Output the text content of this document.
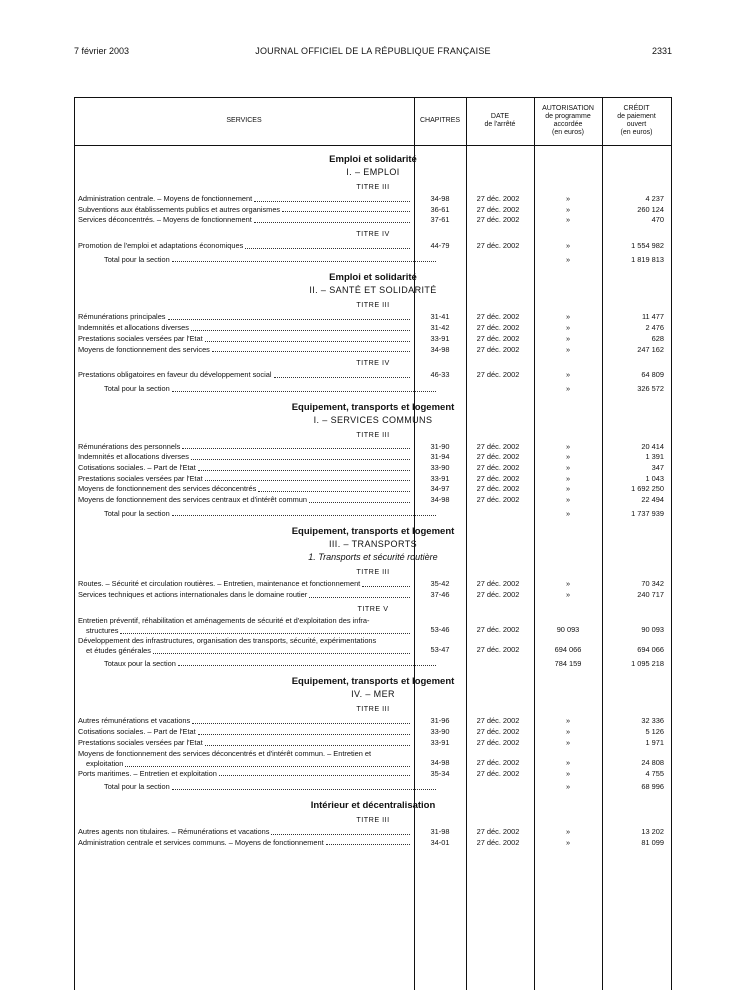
7 février 2003	JOURNAL OFFICIEL DE LA RÉPUBLIQUE FRANÇAISE	2331
SERVICES	CHAPITRES
DATE
de l'arrêté
AUTORISATION
de programme
accordée
(en euros)
CRÉDIT
de paiement
ouvert
(en euros)
Emploi et solidarité
I. – EMPLOI
TITRE III
Administration centrale. – Moyens de fonctionnement	34-98	27 déc. 2002	»	4 237
Subventions aux établissements publics et autres organismes	36-61	27 déc. 2002	»	260 124
Services déconcentrés. – Moyens de fonctionnement	37-61	27 déc. 2002	»	470
TITRE IV
Promotion de l'emploi et adaptations économiques	44-79	27 déc. 2002	»	1 554 982
Total pour la section	»	1 819 813
Emploi et solidarité
II. – SANTÉ ET SOLIDARITÉ
TITRE III
Rémunérations principales	31-41	27 déc. 2002	»	11 477
Indemnités et allocations diverses	31-42	27 déc. 2002	»	2 476
Prestations sociales versées par l'Etat	33-91	27 déc. 2002	»	628
Moyens de fonctionnement des services	34-98	27 déc. 2002	»	247 162
TITRE IV
Prestations obligatoires en faveur du développement social	46-33	27 déc. 2002	»	64 809
Total pour la section	»	326 572
Equipement, transports et logement
I. – SERVICES COMMUNS
TITRE III
Rémunérations des personnels	31-90	27 déc. 2002	»	20 414
Indemnités et allocations diverses	31-94	27 déc. 2002	»	1 391
Cotisations sociales. – Part de l'Etat	33-90	27 déc. 2002	»	347
Prestations sociales versées par l'Etat	33-91	27 déc. 2002	»	1 043
Moyens de fonctionnement des services déconcentrés	34-97	27 déc. 2002	»	1 692 250
Moyens de fonctionnement des services centraux et d'intérêt commun	34-98	27 déc. 2002	»	22 494
Total pour la section	»	1 737 939
Equipement, transports et logement
III. – TRANSPORTS
1. Transports et sécurité routière
TITRE III
Routes. – Sécurité et circulation routières. – Entretien, maintenance et fonctionnement	35-42	27 déc. 2002	»	70 342
Services techniques et actions internationales dans le domaine routier	37-46	27 déc. 2002	»	240 717
TITRE V
Entretien préventif, réhabilitation et aménagements de sécurité et d'exploitation des infra-
structures	53-46	27 déc. 2002	90 093	90 093
Développement des infrastructures, organisation des transports, sécurité, expérimentations
et études générales	53-47	27 déc. 2002	694 066	694 066
Totaux pour la section	784 159	1 095 218
Equipement, transports et logement
IV. – MER
TITRE III
Autres rémunérations et vacations	31-96	27 déc. 2002	»	32 336
Cotisations sociales. – Part de l'Etat	33-90	27 déc. 2002	»	5 126
Prestations sociales versées par l'Etat	33-91	27 déc. 2002	»	1 971
Moyens de fonctionnement des services déconcentrés et d'intérêt commun. – Entretien et
exploitation	34-98	27 déc. 2002	»	24 808
Ports maritimes. – Entretien et exploitation	35-34	27 déc. 2002	»	4 755
Total pour la section	»	68 996
Intérieur et décentralisation
TITRE III
Autres agents non titulaires. – Rémunérations et vacations	31-98	27 déc. 2002	»	13 202
Administration centrale et services communs. – Moyens de fonctionnement	34-01	27 déc. 2002	»	81 099
